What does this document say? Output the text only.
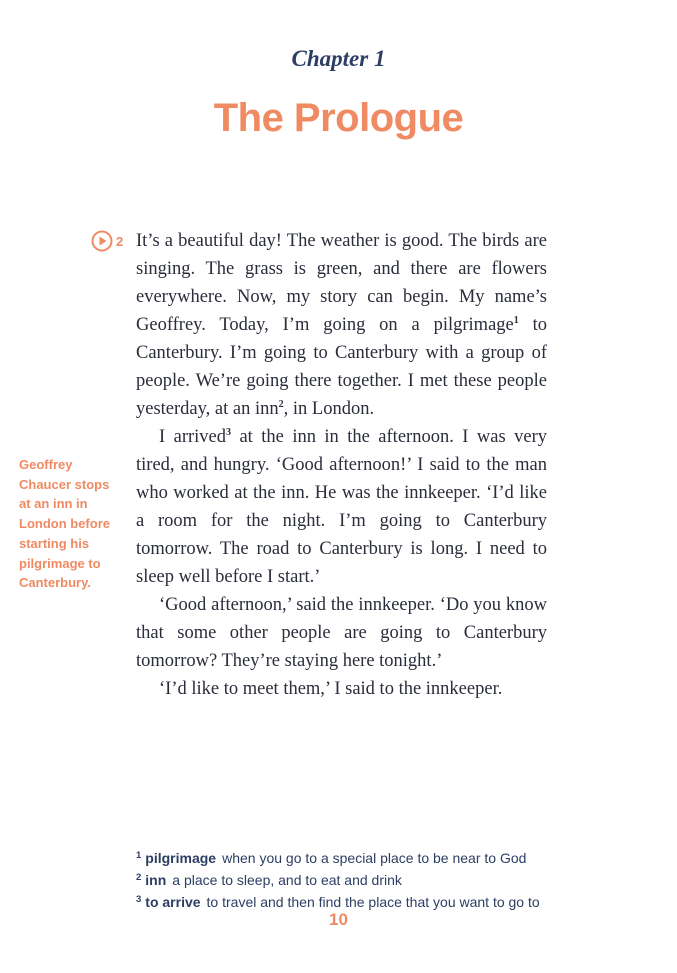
Chapter 1
The Prologue
2

Geoffrey Chaucer stops at an inn in London before starting his pilgrimage to Canterbury.

It’s a beautiful day! The weather is good. The birds are singing. The grass is green, and there are flowers everywhere. Now, my story can begin. My name’s Geoffrey. Today, I’m going on a pilgrimage$^1$ to Canterbury. I’m going to Canterbury with a group of people. We’re going there together. I met these people yesterday, at an inn$^2$, in London.

I arrived$^3$ at the inn in the afternoon. I was very tired, and hungry. ‘Good afternoon!’ I said to the man who worked at the inn. He was the innkeeper. ‘I’d like a room for the night. I’m going to Canterbury tomorrow. The road to Canterbury is long. I need to sleep well before I start.’

‘Good afternoon,’ said the innkeeper. ‘Do you know that some other people are going to Canterbury tomorrow? They’re staying here tonight.’

‘I’d like to meet them,’ I said to the innkeeper.

$^1$ pilgrimage when you go to a special place to be near to God
$^2$ inn a place to sleep, and to eat and drink
$^3$ to arrive to travel and then find the place that you want to go to
10
